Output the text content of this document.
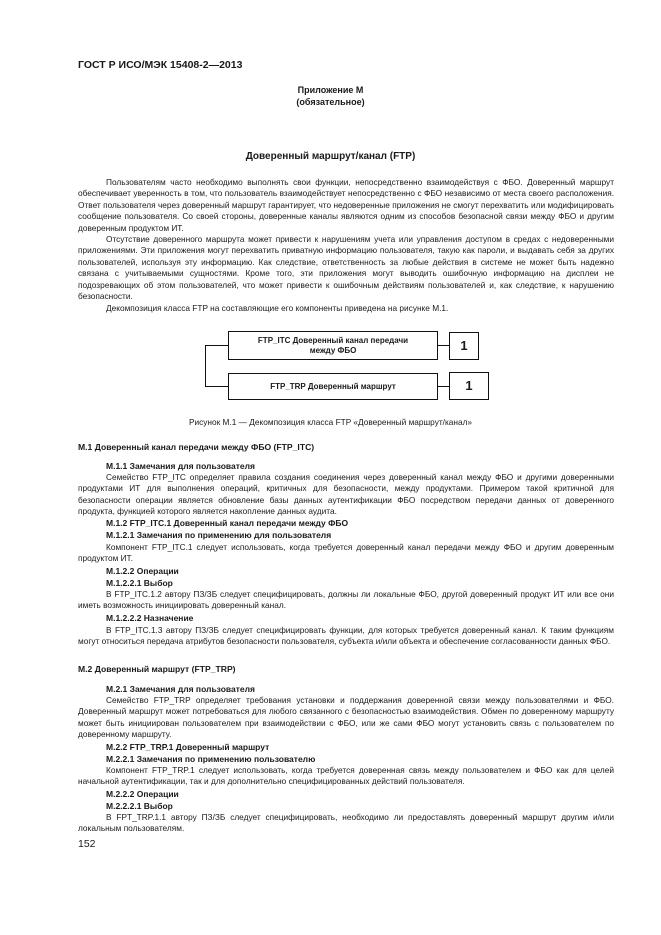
ГОСТ Р ИСО/МЭК 15408-2—2013
Приложение М
(обязательное)
Доверенный маршрут/канал (FTP)
Пользователям часто необходимо выполнять свои функции, непосредственно взаимодействуя с ФБО. Доверенный маршрут обеспечивает уверенность в том, что пользователь взаимодействует непосредственно с ФБО независимо от места своего расположения. Ответ пользователя через доверенный маршрут гарантирует, что недоверенные приложения не смогут перехватить или модифицировать сообщение пользователя. Со своей стороны, доверенные каналы являются одним из способов безопасной связи между ФБО и другим доверенным продуктом ИТ.
Отсутствие доверенного маршрута может привести к нарушениям учета или управления доступом в средах с недоверенными приложениями. Эти приложения могут перехватить приватную информацию пользователя, такую как пароли, и выдавать себя за других пользователей, используя эту информацию. Как следствие, ответственность за любые действия в системе не может быть надежно связана с учитываемыми сущностями. Кроме того, эти приложения могут выводить ошибочную информацию на дисплеи не подозревающих об этом пользователей, что может привести к ошибочным действиям пользователей и, как следствие, к нарушению безопасности.
Декомпозиция класса FTP на составляющие его компоненты приведена на рисунке М.1.
FTP_ITC Доверенный канал передачи между ФБО	1
FTP_TRP Доверенный маршрут	1
Рисунок М.1 — Декомпозиция класса FTP «Доверенный маршрут/канал»
М.1 Доверенный канал передачи между ФБО (FTP_ITC)
М.1.1 Замечания для пользователя
Семейство FTP_ITC определяет правила создания соединения через доверенный канал между ФБО и другими доверенными продуктами ИТ для выполнения операций, критичных для безопасности, между продуктами. Примером такой критичной для безопасности операции является обновление базы данных аутентификации ФБО посредством передачи данных от доверенного продукта, функцией которого является накопление данных аудита.
М.1.2 FTP_ITC.1 Доверенный канал передачи между ФБО
М.1.2.1 Замечания по применению для пользователя
Компонент FTP_ITC.1 следует использовать, когда требуется доверенный канал передачи между ФБО и другим доверенным продуктом ИТ.
М.1.2.2 Операции
М.1.2.2.1 Выбор
В FTP_ITC.1.2 автору ПЗ/ЗБ следует специфицировать, должны ли локальные ФБО, другой доверенный продукт ИТ или все они иметь возможность инициировать доверенный канал.
М.1.2.2.2 Назначение
В FTP_ITC.1.3 автору ПЗ/ЗБ следует специфицировать функции, для которых требуется доверенный канал. К таким функциям могут относиться передача атрибутов безопасности пользователя, субъекта и/или объекта и обеспечение согласованности данных ФБО.
М.2 Доверенный маршрут (FTP_TRP)
М.2.1 Замечания для пользователя
Семейство FTP_TRP определяет требования установки и поддержания доверенной связи между пользователями и ФБО. Доверенный маршрут может потребоваться для любого связанного с безопасностью взаимодействия. Обмен по доверенному маршруту может быть инициирован пользователем при взаимодействии с ФБО, или же сами ФБО могут установить связь с пользователем по доверенному маршруту.
М.2.2 FTP_TRP.1 Доверенный маршрут
М.2.2.1 Замечания по применению пользователю
Компонент FTP_TRP.1 следует использовать, когда требуется доверенная связь между пользователем и ФБО как для целей начальной аутентификации, так и для дополнительно специфицированных действий пользователя.
М.2.2.2 Операции
М.2.2.2.1 Выбор
В FPT_TRP.1.1 автору ПЗ/ЗБ следует специфицировать, необходимо ли предоставлять доверенный маршрут другим и/или локальным пользователям.
152
